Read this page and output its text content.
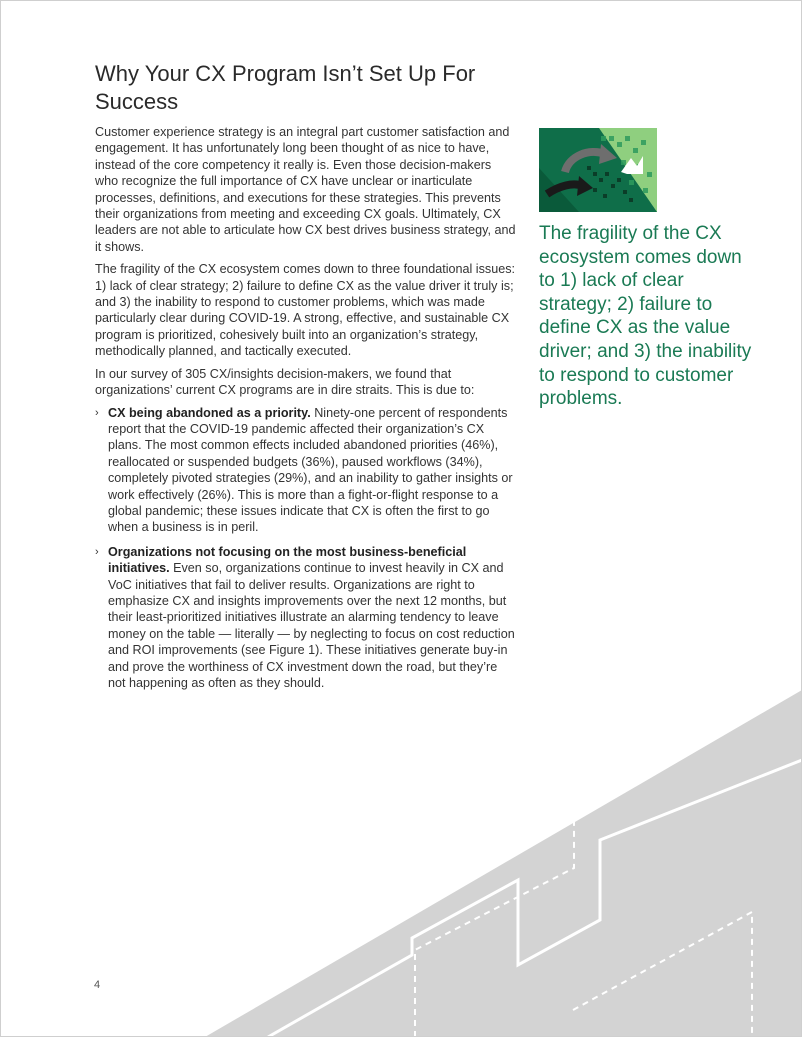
Why Your CX Program Isn’t Set Up For Success

Customer experience strategy is an integral part customer satisfaction and engagement. It has unfortunately long been thought of as nice to have, instead of the core competency it really is. Even those decision-makers who recognize the full importance of CX have unclear or inarticulate processes, definitions, and executions for these strategies. This prevents their organizations from meeting and exceeding CX goals. Ultimately, CX leaders are not able to articulate how CX best drives business strategy, and it shows.

The fragility of the CX ecosystem comes down to three foundational issues: 1) lack of clear strategy; 2) failure to define CX as the value driver it truly is; and 3) the inability to respond to customer problems, which was made particularly clear during COVID-19. A strong, effective, and sustainable CX program is prioritized, cohesively built into an organization’s strategy, methodically planned, and tactically executed.

In our survey of 305 CX/insights decision-makers, we found that organizations’ current CX programs are in dire straits. This is due to:

› CX being abandoned as a priority. Ninety-one percent of respondents report that the COVID-19 pandemic affected their organization’s CX plans. The most common effects included abandoned priorities (46%), reallocated or suspended budgets (36%), paused workflows (34%), completely pivoted strategies (29%), and an inability to gather insights or work effectively (26%). This is more than a fight-or-flight response to a global pandemic; these issues indicate that CX is often the first to go when a business is in peril.
› Organizations not focusing on the most business-beneficial initiatives. Even so, organizations continue to invest heavily in CX and VoC initiatives that fail to deliver results. Organizations are right to emphasize CX and insights improvements over the next 12 months, but their least-prioritized initiatives illustrate an alarming tendency to leave money on the table — literally — by neglecting to focus on cost reduction and ROI improvements (see Figure 1). These initiatives generate buy-in and prove the worthiness of CX investment down the road, but they’re not happening as often as they should.

The fragility of the CX ecosystem comes down to 1) lack of clear strategy; 2) failure to define CX as the value driver; and 3) the inability to respond to customer problems.

4
